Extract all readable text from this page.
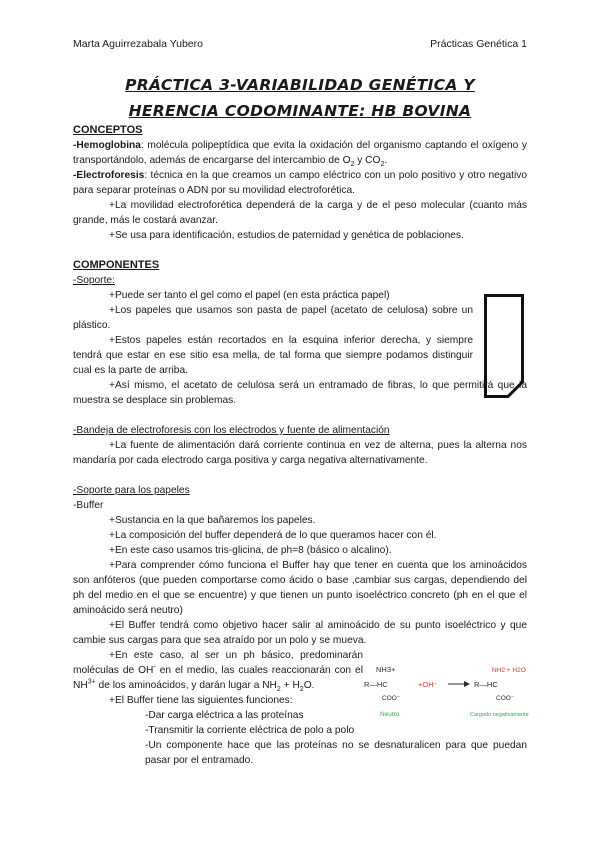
Marta Aguirrezabala Yubero	Prácticas Genética 1
PRÁCTICA 3-VARIABILIDAD GENÉTICA Y
HERENCIA CODOMINANTE: HB BOVINA

CONCEPTOS

-Hemoglobina: molécula polipeptídica que evita la oxidación del organismo captando el oxígeno y transportándolo, además de encargarse del intercambio de $O_2$ y $CO_2$.

-Electroforesis: técnica en la que creamos un campo eléctrico con un polo positivo y otro negativo para separar proteínas o ADN por su movilidad electroforética.

+La movilidad electroforética dependerá de la carga y de el peso molecular (cuanto más grande, más le costará avanzar.

+Se usa para identificación, estudios de paternidad y genética de poblaciones.

COMPONENTES

-Soporte:

+Puede ser tanto el gel como el papel (en esta práctica papel)

+Los papeles que usamos son pasta de papel (acetato de celulosa) sobre un plástico.

+Estos papeles están recortados en la esquina inferior derecha, y siempre tendrá que estar en ese sitio esa mella, de tal forma que siempre podamos distinguir cual es la parte de arriba.

+Así mismo, el acetato de celulosa será un entramado de fibras, lo que permitirá que la muestra se desplace sin problemas.

-Bandeja de electroforesis con los electrodos y fuente de alimentación

+La fuente de alimentación dará corriente continua en vez de alterna, pues la alterna nos mandaría por cada electrodo carga positiva y carga negativa alternativamente.

-Soporte para los papeles

-Buffer

+Sustancia en la que bañaremos los papeles.

+La composición del buffer dependerá de lo que queramos hacer con él.

+En este caso usamos tris-glicina, de ph=8 (básico o alcalino).

+Para comprender cómo funciona el Buffer hay que tener en cuenta que los aminoácidos son anfóteros (que pueden comportarse como ácido o base ,cambiar sus cargas, dependiendo del ph del medio en el que se encuentre) y que tienen un punto isoeléctrico concreto (ph en el que el aminoácido será neutro)

+El Buffer tendrá como objetivo hacer salir al aminoácido de su punto isoeléctrico y que cambie sus cargas para que sea atraído por un polo y se mueva.

+En este caso, al ser un ph básico, predominarán moléculas de OH- en el medio, las cuales reaccionarán con el $NH^{3+}$ de los aminoácidos, y darán lugar a $NH_2 + H_2O$.

+El Buffer tiene las siguientes funciones:

-Dar carga eléctrica a las proteínas

-Transmitir la corriente eléctrica de polo a polo

-Un componente hace que las proteínas no se desnaturalicen para que puedan pasar por el entramado.

NH3+
R—HC
COO⁻
+OH⁻	R—HC
NH2 + H2O
COO⁻
Neutro	Cargado negativamente
